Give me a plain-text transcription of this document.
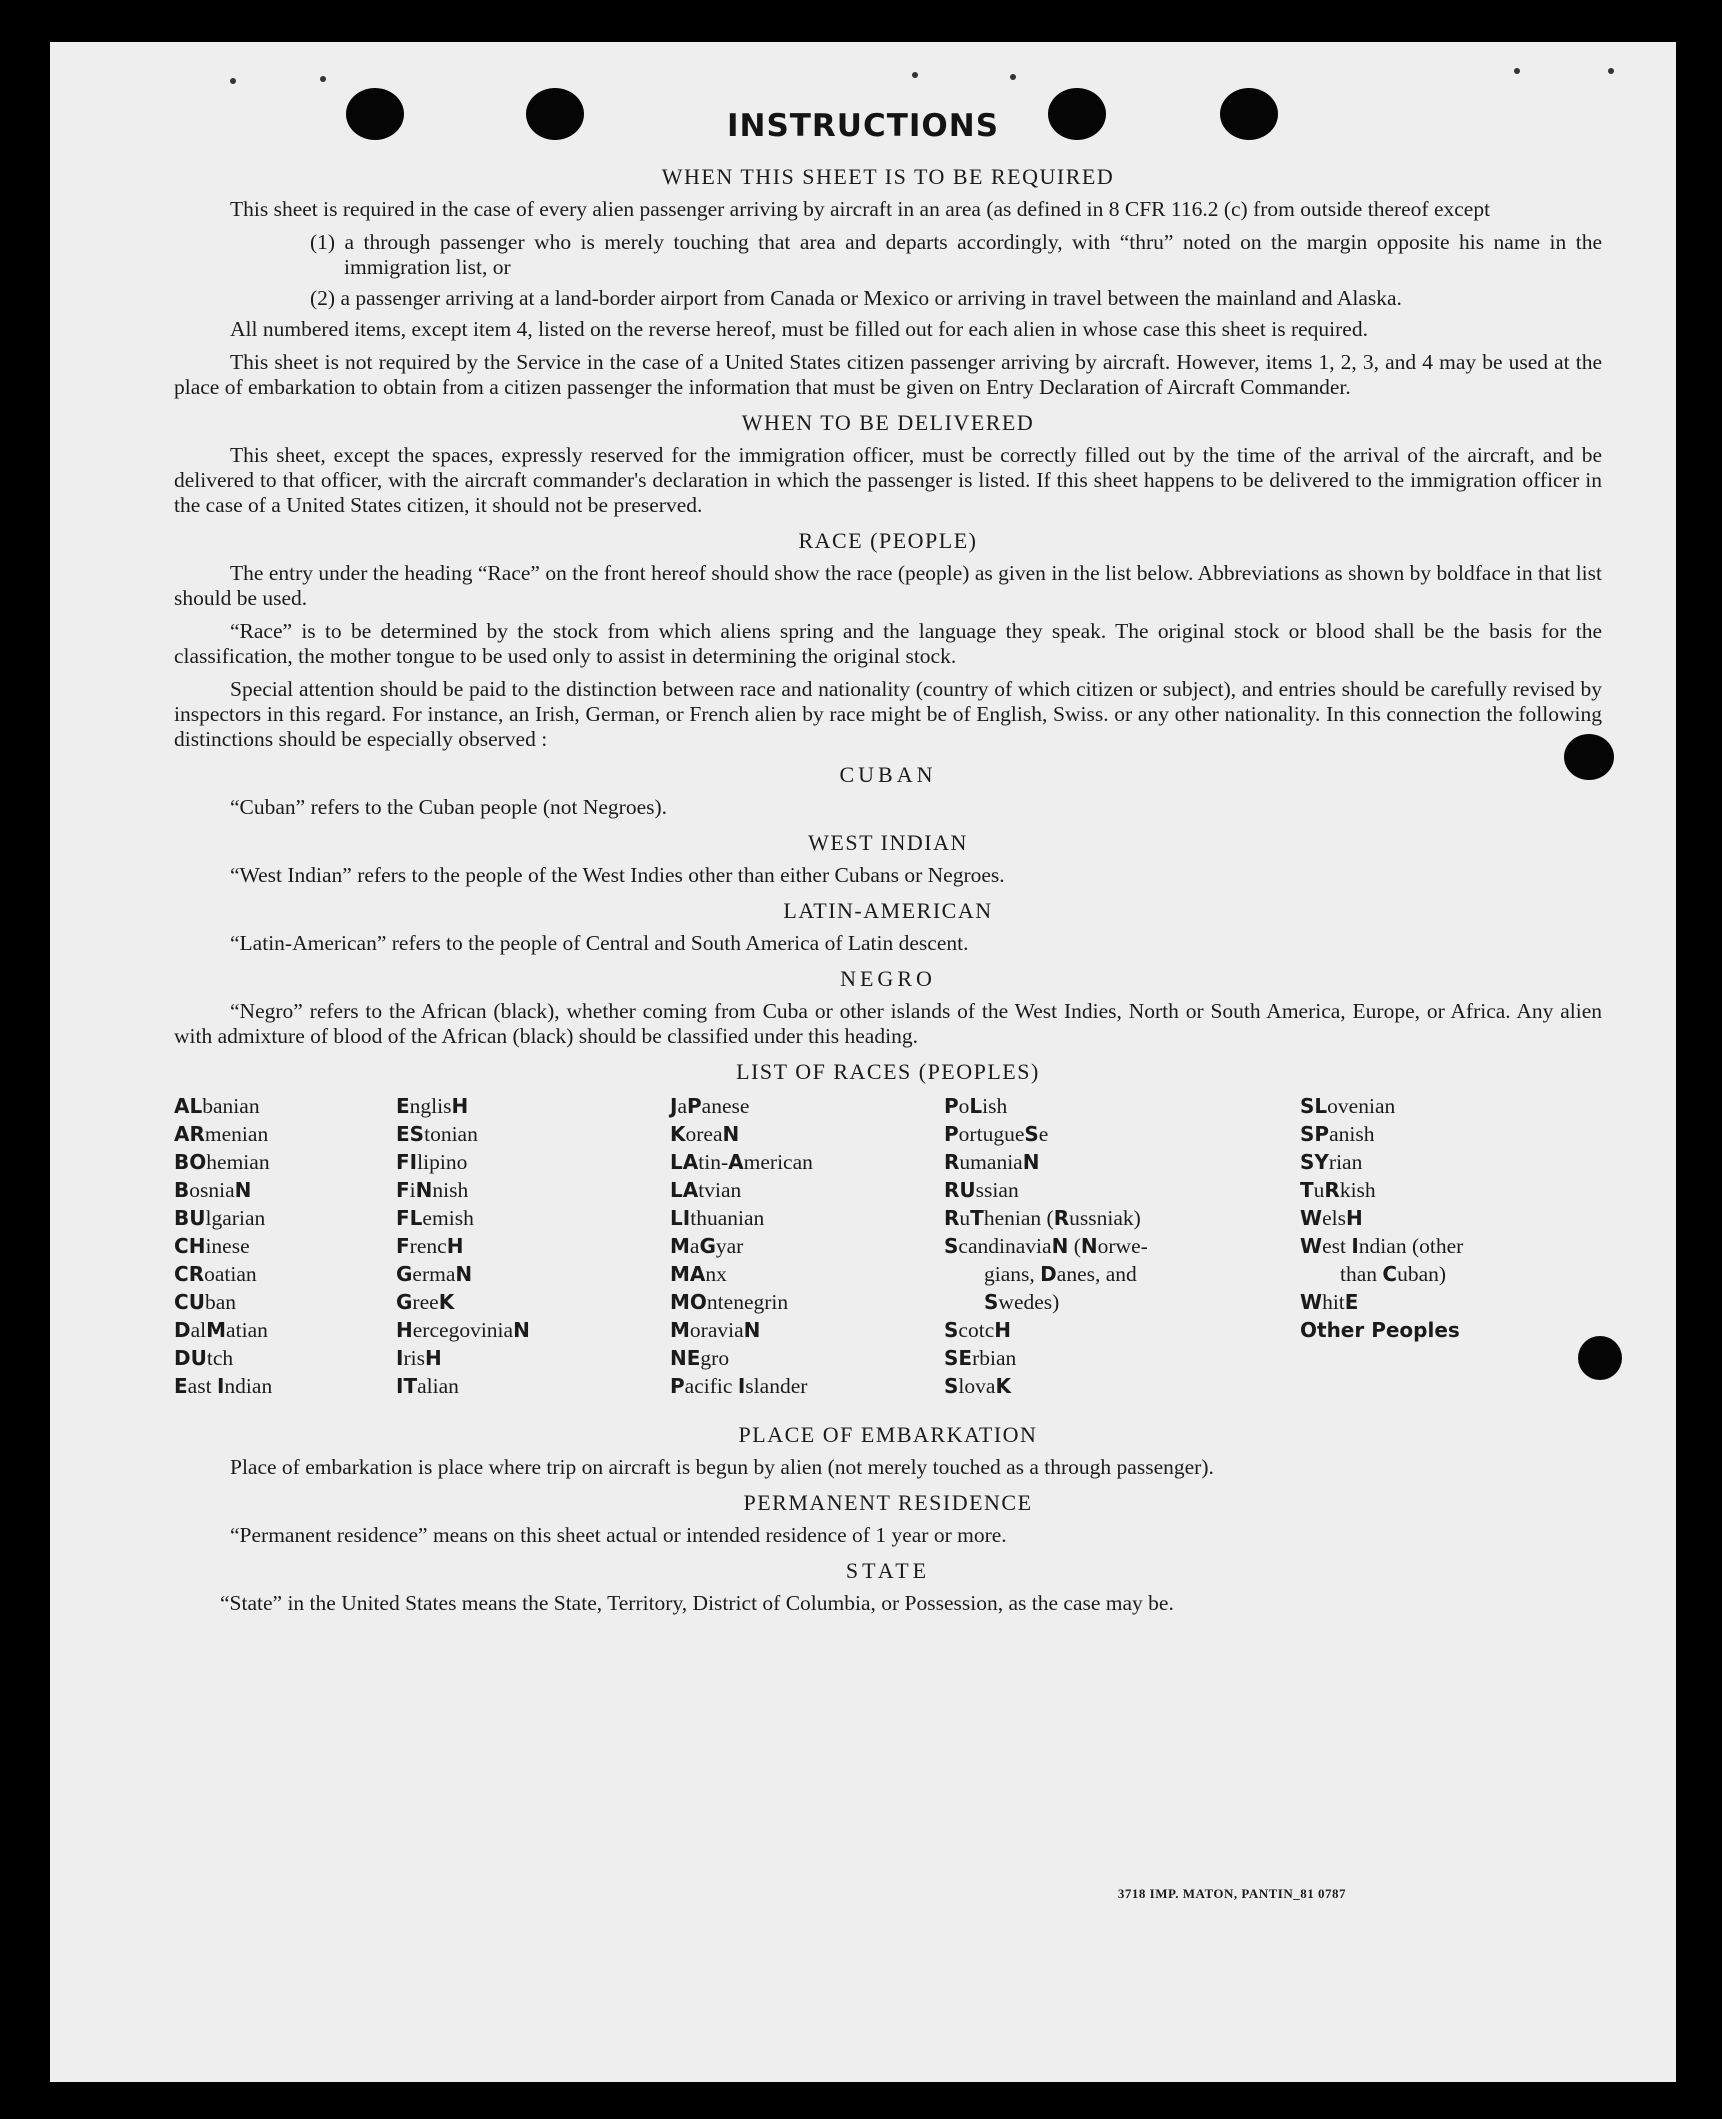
INSTRUCTIONS
WHEN THIS SHEET IS TO BE REQUIRED
This sheet is required in the case of every alien passenger arriving by aircraft in an area (as defined in 8 CFR 116.2 (c) from outside thereof except
(1) a through passenger who is merely touching that area and departs accordingly, with “thru” noted on the margin opposite his name in the immigration list, or
(2) a passenger arriving at a land-border airport from Canada or Mexico or arriving in travel between the mainland and Alaska.
All numbered items, except item 4, listed on the reverse hereof, must be filled out for each alien in whose case this sheet is required.
This sheet is not required by the Service in the case of a United States citizen passenger arriving by aircraft. However, items 1, 2, 3, and 4 may be used at the place of embarkation to obtain from a citizen passenger the information that must be given on Entry Declaration of Aircraft Commander.
WHEN TO BE DELIVERED
This sheet, except the spaces, expressly reserved for the immigration officer, must be correctly filled out by the time of the arrival of the aircraft, and be delivered to that officer, with the aircraft commander's declaration in which the passenger is listed. If this sheet happens to be delivered to the immigration officer in the case of a United States citizen, it should not be preserved.
RACE (PEOPLE)
The entry under the heading “Race” on the front hereof should show the race (people) as given in the list below. Abbreviations as shown by boldface in that list should be used.
“Race” is to be determined by the stock from which aliens spring and the language they speak. The original stock or blood shall be the basis for the classification, the mother tongue to be used only to assist in determining the original stock.
Special attention should be paid to the distinction between race and nationality (country of which citizen or subject), and entries should be carefully revised by inspectors in this regard. For instance, an Irish, German, or French alien by race might be of English, Swiss. or any other nationality. In this connection the following distinctions should be especially observed :
CUBAN
“Cuban” refers to the Cuban people (not Negroes).
WEST INDIAN
“West Indian” refers to the people of the West Indies other than either Cubans or Negroes.
LATIN-AMERICAN
“Latin-American” refers to the people of Central and South America of Latin descent.
NEGRO
“Negro” refers to the African (black), whether coming from Cuba or other islands of the West Indies, North or South America, Europe, or Africa. Any alien with admixture of blood of the African (black) should be classified under this heading.
LIST OF RACES (PEOPLES)
ALbanian
ARmenian
BOhemian
BosniaN
BUlgarian
CHinese
CRoatian
CUban
DalMatian
DUtch
East Indian
EnglisH
EStonian
FIlipino
FiNnish
FLemish
FrencH
GermaN
GreeK
HercegoviniaN
IrisH
ITalian
JaPanese
KoreaN
LAtin-American
LAtvian
LIthuanian
MaGyar
MAnx
MOntenegrin
MoraviaN
NEgro
Pacific Islander
PoLish
PortugueSe
RumaniaN
RUssian
RuThenian (Russniak)
ScandinaviaN (Norwe-
gians, Danes, and
Swedes)
ScotcH
SErbian
SlovaK
SLovenian
SPanish
SYrian
TuRkish
WelsH
West Indian (other
than Cuban)
WhitE
Other Peoples
PLACE OF EMBARKATION
Place of embarkation is place where trip on aircraft is begun by alien (not merely touched as a through passenger).
PERMANENT RESIDENCE
“Permanent residence” means on this sheet actual or intended residence of 1 year or more.
STATE
“State” in the United States means the State, Territory, District of Columbia, or Possession, as the case may be.
3718 IMP. MATON, PANTIN_81 0787
